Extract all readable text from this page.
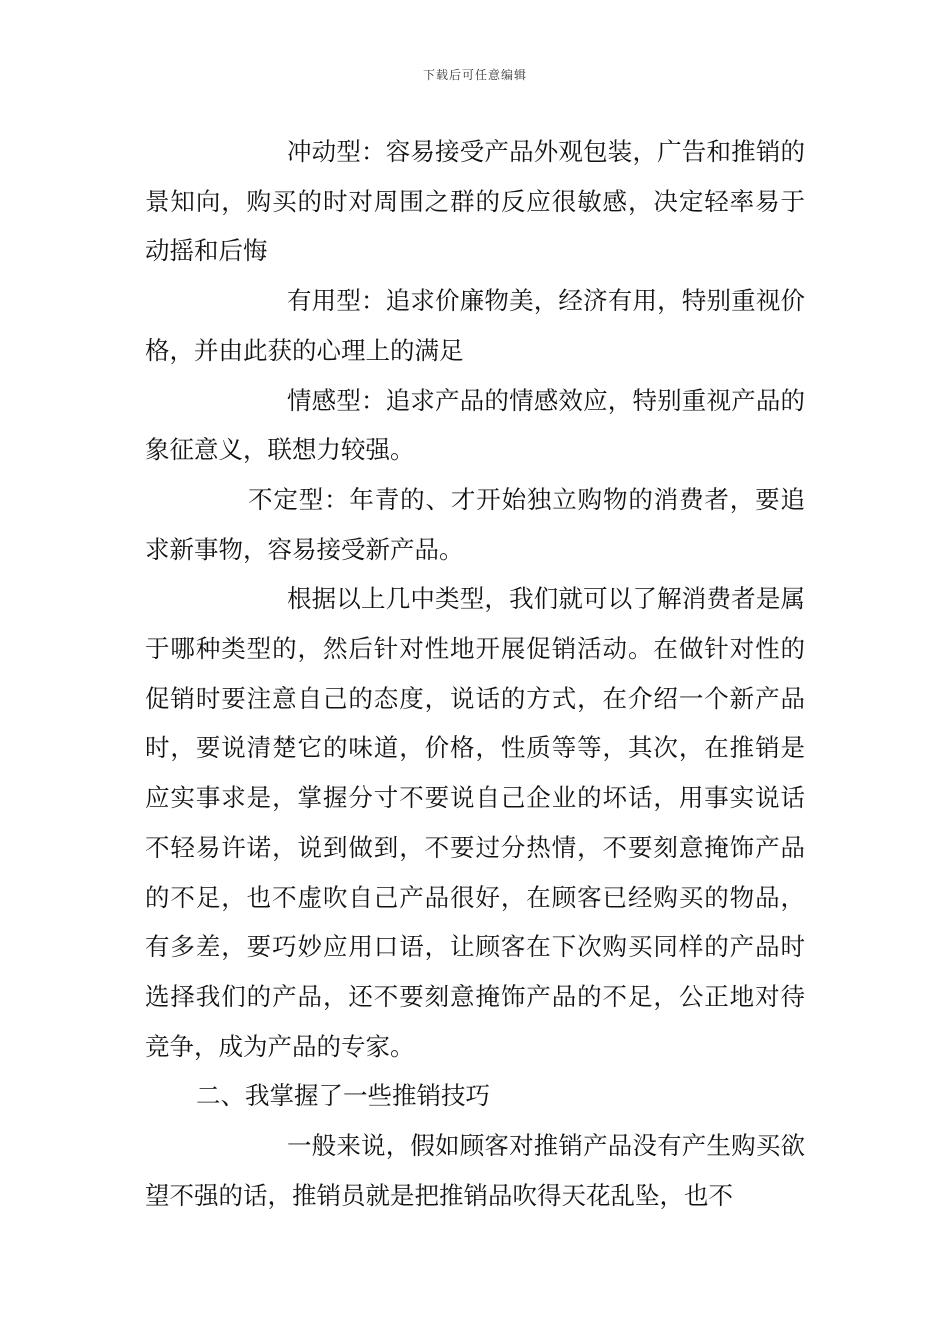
下载后可任意编辑

冲动型：容易接受产品外观包装，广告和推销的景知向，购买的时对周围之群的反应很敏感，决定轻率易于动摇和后悔

有用型：追求价廉物美，经济有用，特别重视价格，并由此获的心理上的满足

情感型：追求产品的情感效应，特别重视产品的象征意义，联想力较强。

不定型：年青的、才开始独立购物的消费者，要追求新事物，容易接受新产品。

根据以上几中类型，我们就可以了解消费者是属于哪种类型的，然后针对性地开展促销活动。在做针对性的促销时要注意自己的态度，说话的方式，在介绍一个新产品时，要说清楚它的味道，价格，性质等等，其次，在推销是应实事求是，掌握分寸不要说自己企业的坏话，用事实说话不轻易许诺，说到做到，不要过分热情，不要刻意掩饰产品的不足，也不虚吹自己产品很好，在顾客已经购买的物品，有多差，要巧妙应用口语，让顾客在下次购买同样的产品时选择我们的产品，还不要刻意掩饰产品的不足，公正地对待竞争，成为产品的专家。

二、我掌握了一些推销技巧

一般来说，假如顾客对推销产品没有产生购买欲望不强的话，推销员就是把推销品吹得天花乱坠，也不
